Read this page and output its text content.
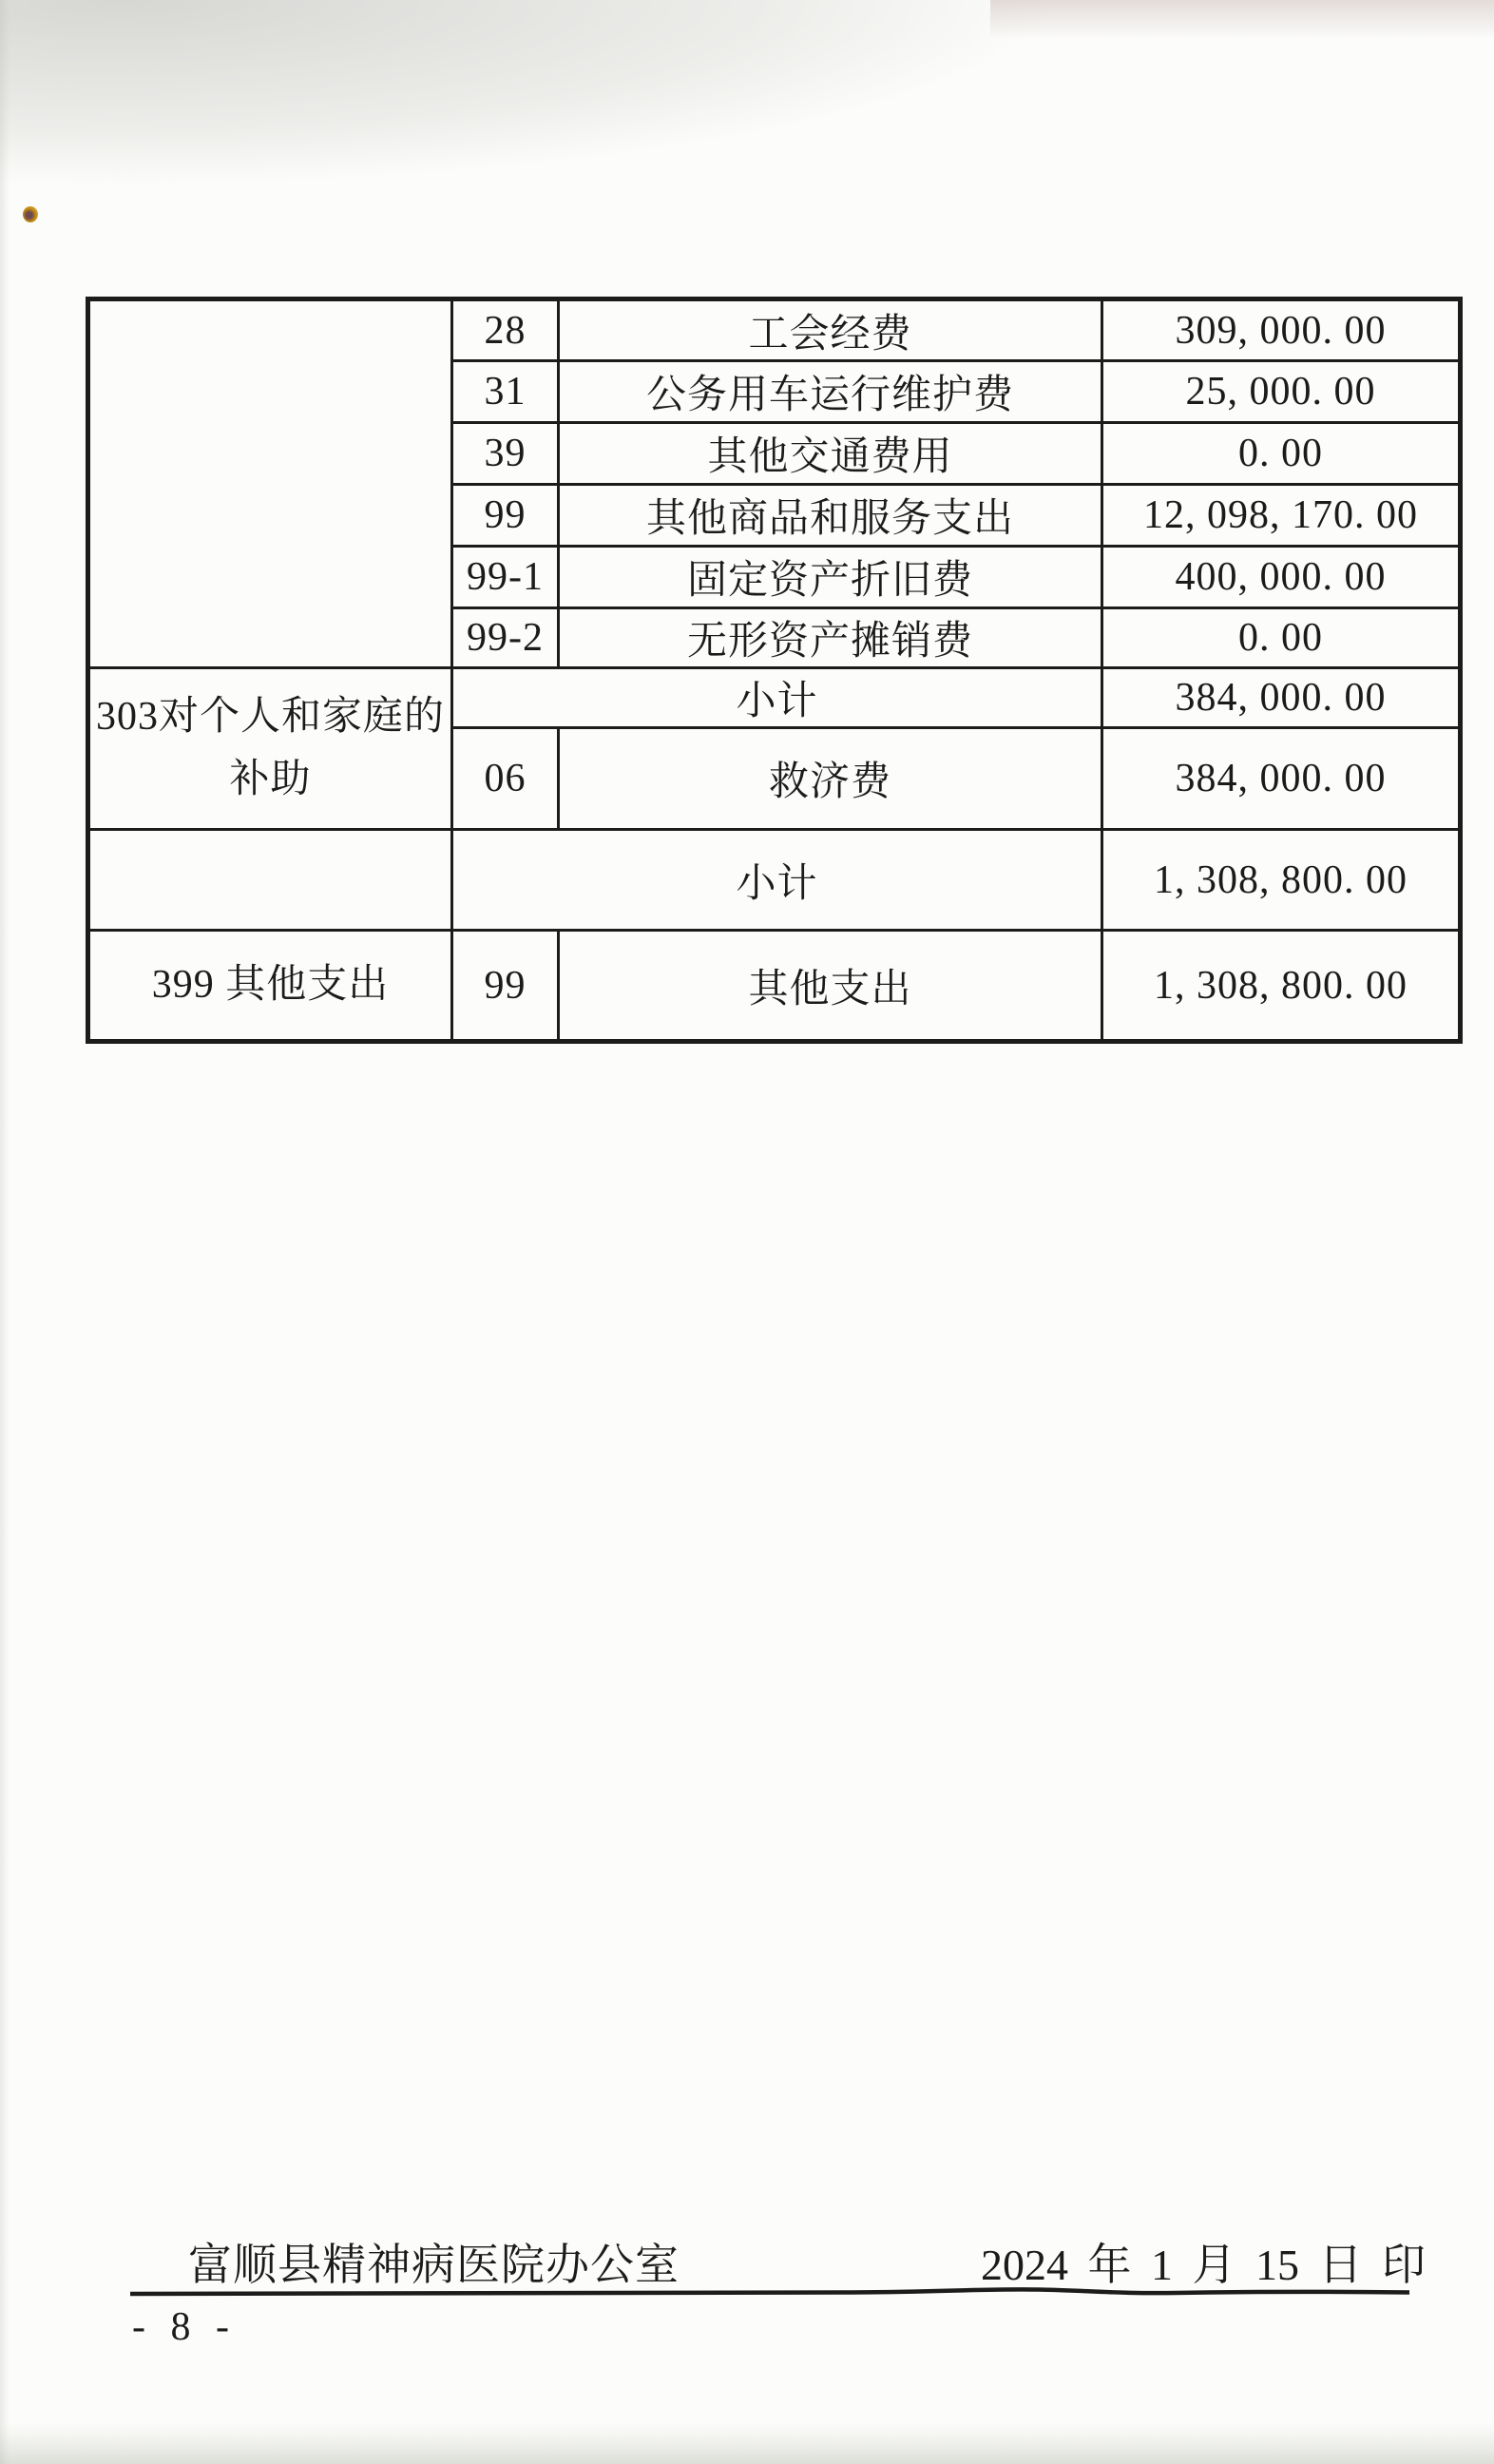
	28	工会经费	309, 000. 00
	31	公务用车运行维护费	25, 000. 00
	39	其他交通费用	0. 00
	99	其他商品和服务支出	12, 098, 170. 00
	99-1	固定资产折旧费	400, 000. 00
	99-2	无形资产摊销费	0. 00

303对个人和家庭的
补助	小计		384, 000. 00
	06	救济费	384, 000. 00
	小计		1, 308, 800. 00
399 其他支出	99	其他支出	1, 308, 800. 00
富顺县精神病医院办公室	2024 年 1 月 15 日 印
- 8 -
